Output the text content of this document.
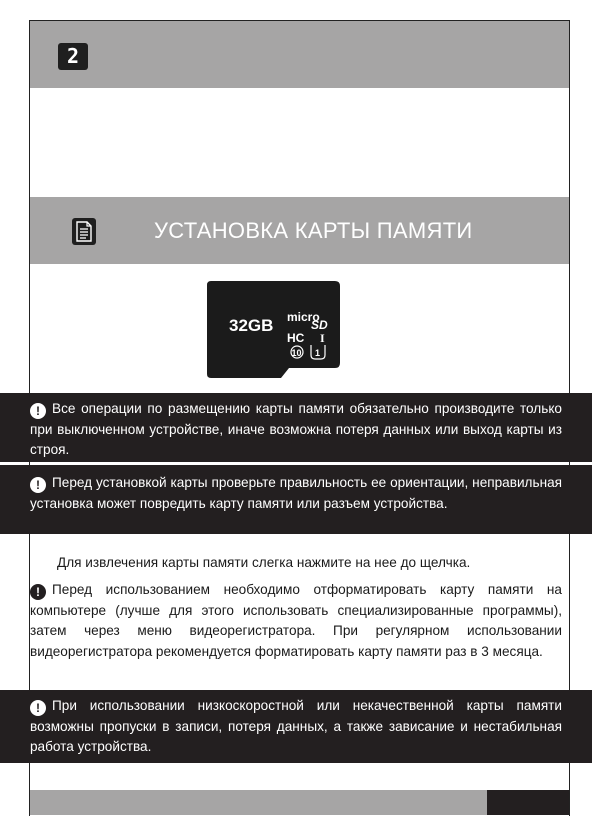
2
УСТАНОВКА КАРТЫ ПАМЯТИ
32GB micro
SD
HC I
10 1
! Все операции по размещению карты памяти обязательно производите только при выключенном устройстве, иначе возможна потеря данных или выход карты из строя.
! Перед установкой карты проверьте правильность ее ориентации, неправильная установка может повредить карту памяти или разъем устройства.
Для извлечения карты памяти слегка нажмите на нее до щелчка.
! Перед использованием необходимо отформатировать карту памяти на компьютере (лучше для этого использовать специализированные программы), затем через меню видеорегистратора. При регулярном использовании видеорегистратора рекомендуется форматировать карту памяти раз в 3 месяца.
! При использовании низкоскоростной или некачественной карты памяти возможны пропуски в записи, потеря данных, а также зависание и нестабильная работа устройства.
